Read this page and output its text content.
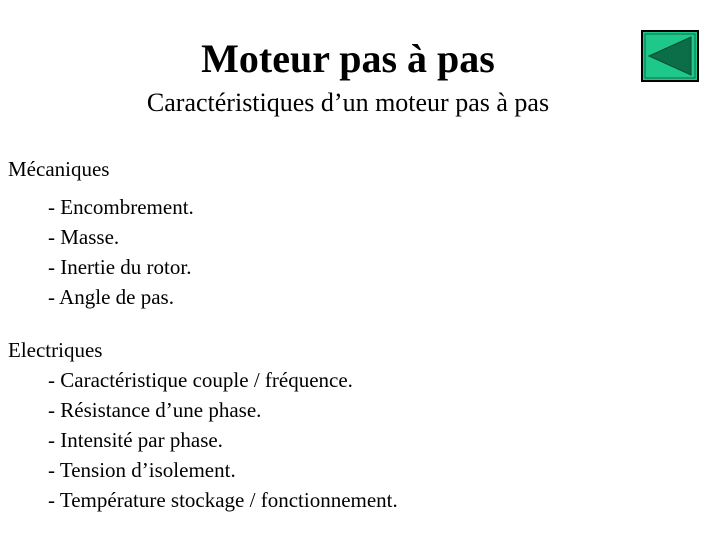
Moteur pas à pas
Caractéristiques d’un moteur pas à pas
Mécaniques
- Encombrement.
- Masse.
- Inertie du rotor.
- Angle de pas.
Electriques
- Caractéristique couple / fréquence.
- Résistance d’une phase.
- Intensité par phase.
- Tension d’isolement.
- Température stockage / fonctionnement.
